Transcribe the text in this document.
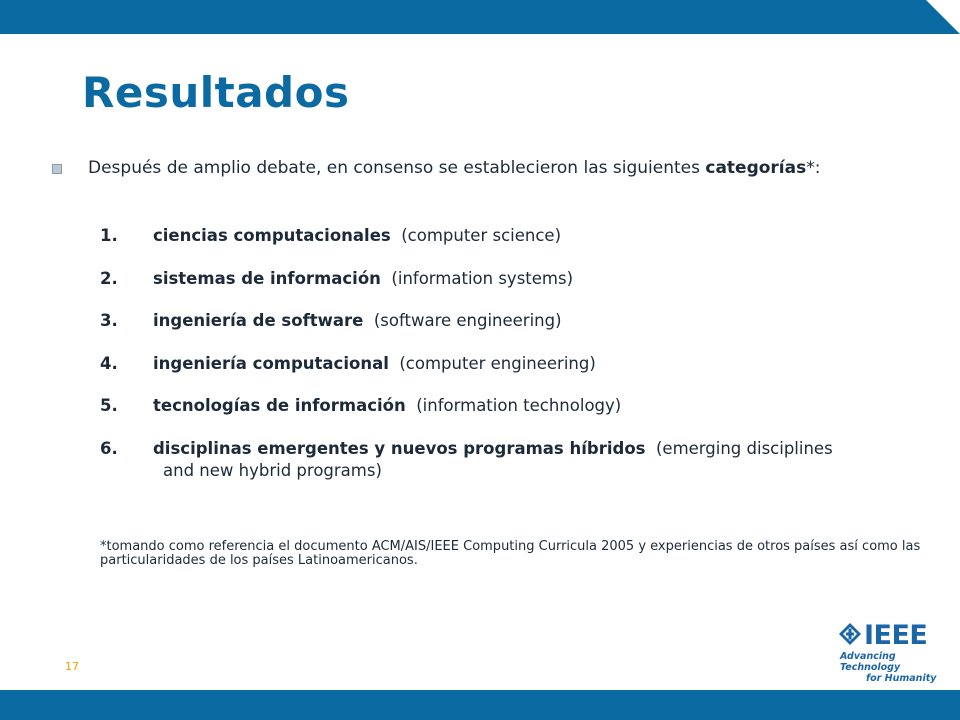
Resultados
Después de amplio debate, en consenso se establecieron las siguientes categorías*:
1. ciencias computacionales (computer science)
2. sistemas de información (information systems)
3. ingeniería de software (software engineering)
4. ingeniería computacional (computer engineering)
5. tecnologías de información (information technology)
6. disciplinas emergentes y nuevos programas híbridos (emerging disciplines
and new hybrid programs)
*tomando como referencia el documento ACM/AIS/IEEE Computing Curricula 2005 y experiencias de otros países así como las particularidades de los países Latinoamericanos.
17
IEEE
Advancing Technology
for Humanity
